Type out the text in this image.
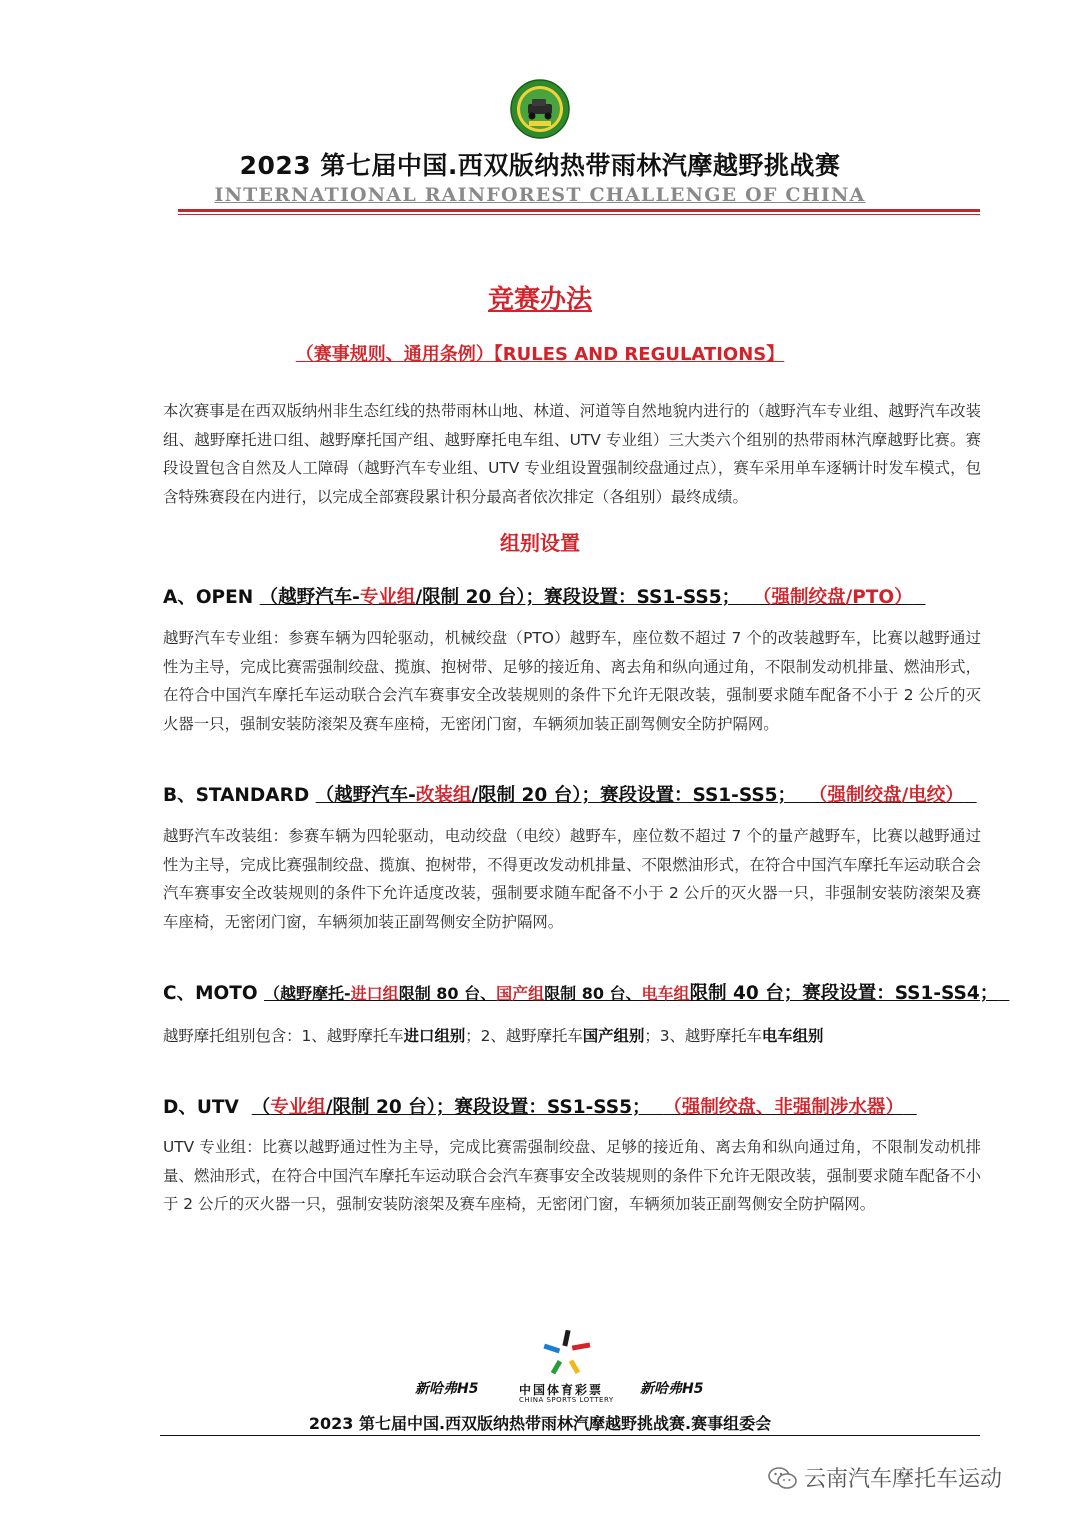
2023 第七届中国.西双版纳热带雨林汽摩越野挑战赛
INTERNATIONAL RAINFOREST CHALLENGE OF CHINA
竞赛办法
（赛事规则、通用条例）【RULES AND REGULATIONS】
本次赛事是在西双版纳州非生态红线的热带雨林山地、林道、河道等自然地貌内进行的（越野汽车专业组、越野汽车改装组、越野摩托进口组、越野摩托国产组、越野摩托电车组、UTV 专业组）三大类六个组别的热带雨林汽摩越野比赛。赛段设置包含自然及人工障碍（越野汽车专业组、UTV 专业组设置强制绞盘通过点），赛车采用单车逐辆计时发车模式，包含特殊赛段在内进行，以完成全部赛段累计积分最高者依次排定（各组别）最终成绩。
组别设置
A、OPEN （越野汽车-专业组/限制 20 台）；赛段设置：SS1-SS5； （强制绞盘/PTO）
越野汽车专业组：参赛车辆为四轮驱动，机械绞盘（PTO）越野车，座位数不超过 7 个的改装越野车，比赛以越野通过性为主导，完成比赛需强制绞盘、揽旗、抱树带、足够的接近角、离去角和纵向通过角，不限制发动机排量、燃油形式，在符合中国汽车摩托车运动联合会汽车赛事安全改装规则的条件下允许无限改装，强制要求随车配备不小于 2 公斤的灭火器一只，强制安装防滚架及赛车座椅，无密闭门窗，车辆须加装正副驾侧安全防护隔网。
B、STANDARD （越野汽车-改装组/限制 20 台）；赛段设置：SS1-SS5； （强制绞盘/电绞）
越野汽车改装组：参赛车辆为四轮驱动，电动绞盘（电绞）越野车，座位数不超过 7 个的量产越野车，比赛以越野通过性为主导，完成比赛强制绞盘、揽旗、抱树带，不得更改发动机排量、不限燃油形式，在符合中国汽车摩托车运动联合会汽车赛事安全改装规则的条件下允许适度改装，强制要求随车配备不小于 2 公斤的灭火器一只，非强制安装防滚架及赛车座椅，无密闭门窗，车辆须加装正副驾侧安全防护隔网。
C、MOTO （越野摩托-进口组限制 80 台、国产组限制 80 台、电车组限制 40 台；赛段设置：SS1-SS4；
越野摩托组别包含：1、越野摩托车进口组别；2、越野摩托车国产组别；3、越野摩托车电车组别
D、UTV  （专业组/限制 20 台）；赛段设置：SS1-SS5； （强制绞盘、非强制涉水器）
UTV 专业组：比赛以越野通过性为主导，完成比赛需强制绞盘、足够的接近角、离去角和纵向通过角，不限制发动机排量、燃油形式，在符合中国汽车摩托车运动联合会汽车赛事安全改装规则的条件下允许无限改装，强制要求随车配备不小于 2 公斤的灭火器一只，强制安装防滚架及赛车座椅，无密闭门窗，车辆须加装正副驾侧安全防护隔网。
新哈弗H5	中国体育彩票
CHINA SPORTS LOTTERY
新哈弗H5
2023 第七届中国.西双版纳热带雨林汽摩越野挑战赛.赛事组委会
云南汽车摩托车运动
